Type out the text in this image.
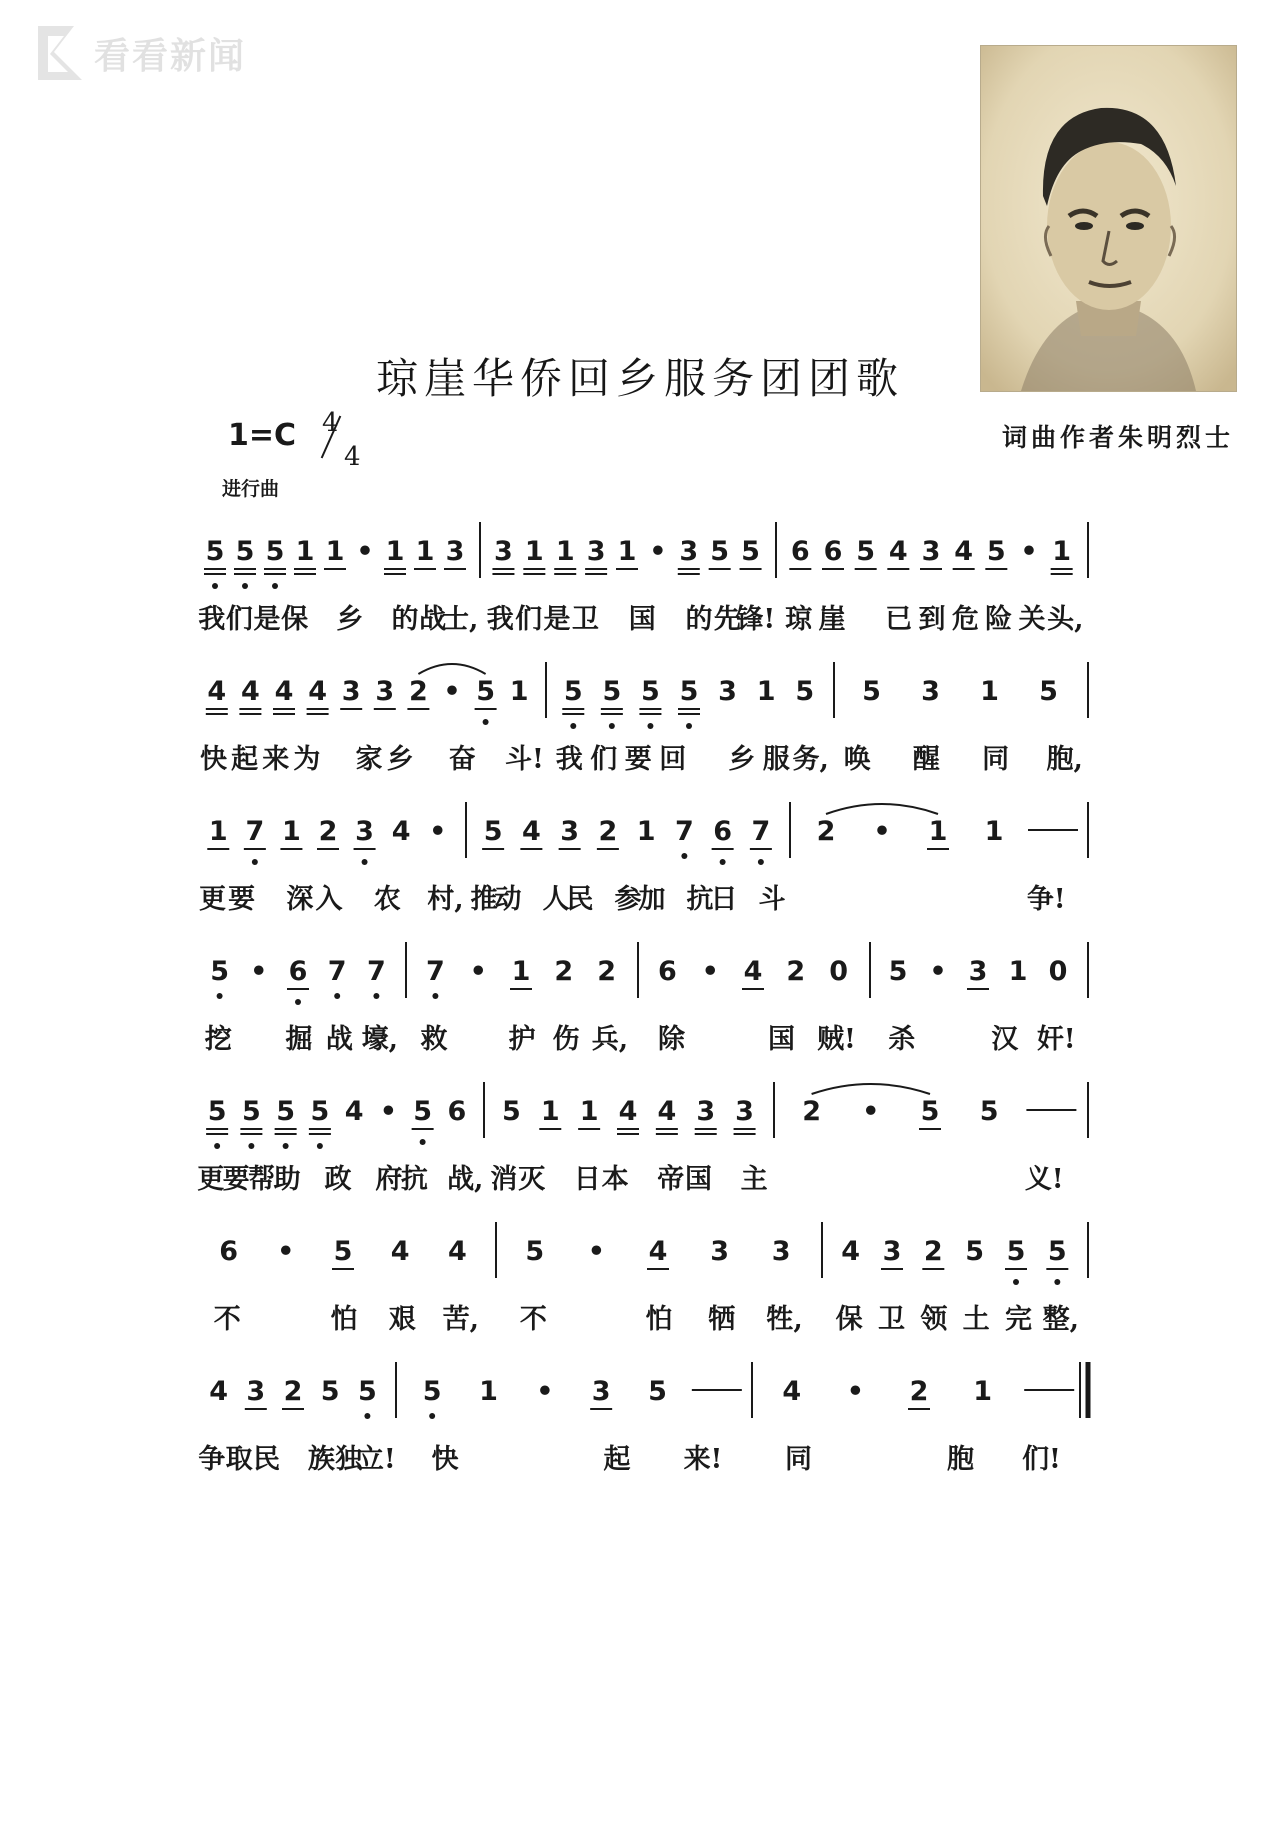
看看新闻
琼崖华侨回乡服务团团歌
1=C 4
4
词曲作者朱明烈士
进行曲
5 5 5 1 1 • 1 1 3 3 1 1 3 1 • 3 5 5 6 6 5 4 3 4 5 • 1
我 们 是 保 乡 的 战
士, 我 们 是 卫 国 的 先
锋! 琼 崖 已 到 危 险 关 头,
4 4 4 4 3 3 2 • 5 1 5 5 5 5 3 1 5 5 3 1 5
快 起 来 为 家 乡 奋 斗! 我 们 要 回 乡 服 务, 唤 醒 同 胞,
1 7 1 2 3 4 • 5 4 3 2 1 7 6 7 2 • 1 1
更 要 深 入 农 村, 推
动 人
民 参
加 抗
日 斗	争!
5 • 6 7 7 7 • 1 2 2 6 • 4 2 0 5 • 3 1 0
挖 掘 战 壕, 救 护 伤 兵, 除	国 贼! 杀	汉 奸!
5 5 5 5 4 • 5 6 5 1 1 4 4 3 3 2 • 5 5
更
要
帮
助 政 府
抗 战, 消 灭 日 本 帝 国 主	义!
6 • 5 4 4 5 • 4 3 3 4 3 2 5 5 5
不	怕 艰 苦, 不	怕 牺 牲, 保 卫 领 土 完 整,
4 3 2 5 5 5 1 • 3 5	4 • 2 1
争 取 民 族 独
立! 快	起 来! 同	胞 们!
